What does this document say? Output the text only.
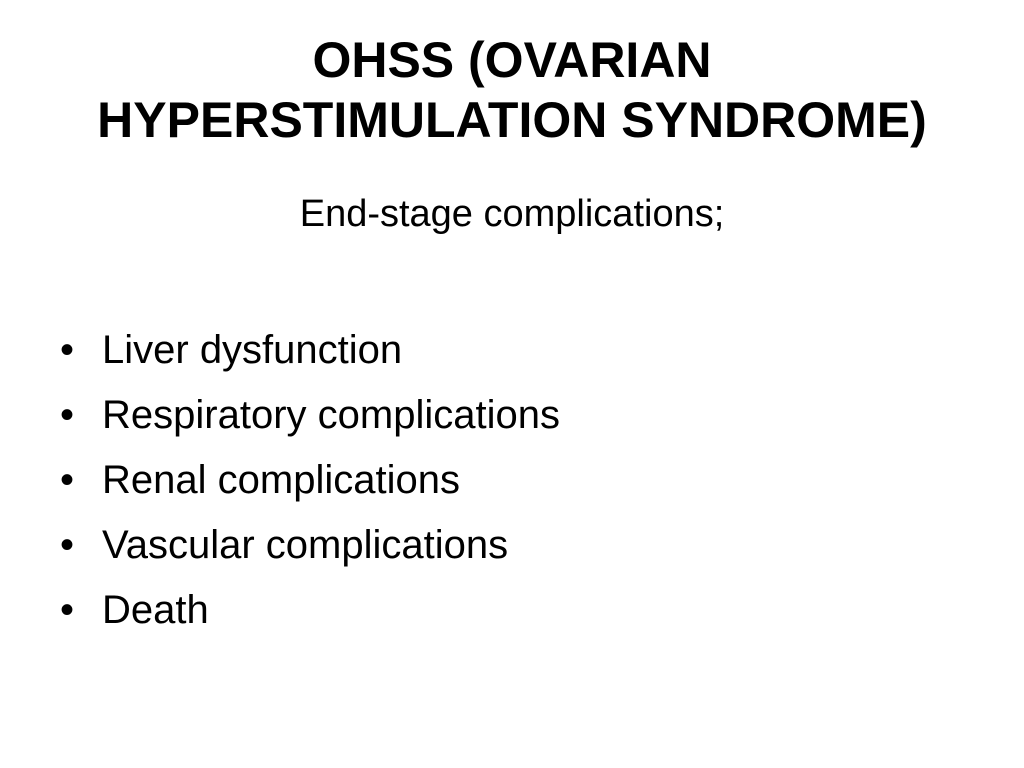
OHSS (OVARIAN
HYPERSTIMULATION SYNDROME)

End-stage complications;

• Liver dysfunction
• Respiratory complications
• Renal complications
• Vascular complications
• Death
